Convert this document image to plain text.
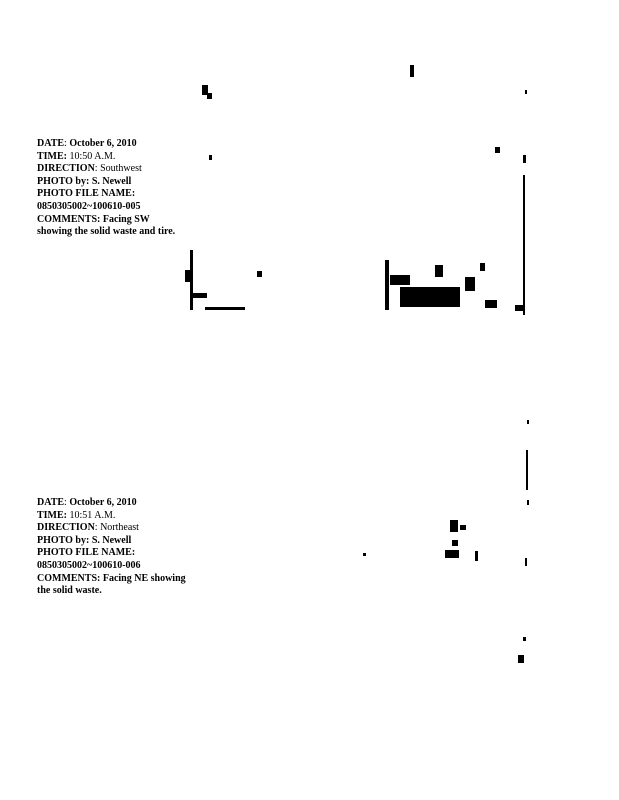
DATE: October 6, 2010
TIME: 10:50 A.M.
DIRECTION: Southwest
PHOTO by: S. Newell
PHOTO FILE NAME:
0850305002~100610-005
COMMENTS: Facing SW showing the solid waste and tire.
DATE: October 6, 2010
TIME: 10:51 A.M.
DIRECTION: Northeast
PHOTO by: S. Newell
PHOTO FILE NAME:
0850305002~100610-006
COMMENTS: Facing NE showing the solid waste.
